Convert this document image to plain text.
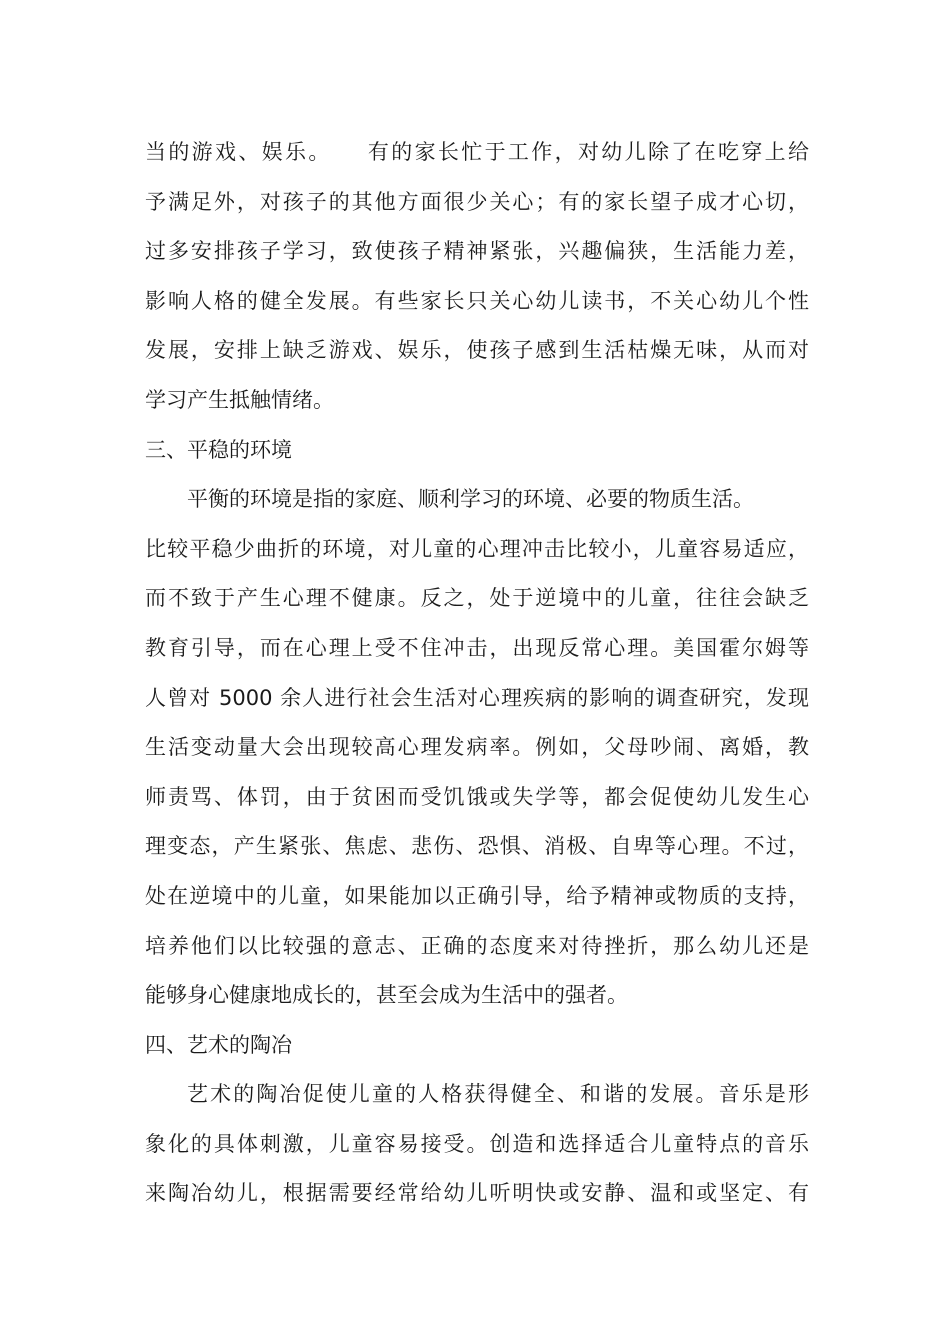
当的游戏、娱乐。　　有的家长忙于工作，对幼儿除了在吃穿上给
予满足外，对孩子的其他方面很少关心；有的家长望子成才心切，
过多安排孩子学习，致使孩子精神紧张，兴趣偏狭，生活能力差，
影响人格的健全发展。有些家长只关心幼儿读书，不关心幼儿个性
发展，安排上缺乏游戏、娱乐，使孩子感到生活枯燥无味，从而对
学习产生抵触情绪。
三、平稳的环境
平衡的环境是指的家庭、顺利学习的环境、必要的物质生活。
比较平稳少曲折的环境，对儿童的心理冲击比较小，儿童容易适应，
而不致于产生心理不健康。反之，处于逆境中的儿童，往往会缺乏
教育引导，而在心理上受不住冲击，出现反常心理。美国霍尔姆等
人曾对 5000 余人进行社会生活对心理疾病的影响的调查研究，发现
生活变动量大会出现较高心理发病率。例如，父母吵闹、离婚，教
师责骂、体罚，由于贫困而受饥饿或失学等，都会促使幼儿发生心
理变态，产生紧张、焦虑、悲伤、恐惧、消极、自卑等心理。不过，
处在逆境中的儿童，如果能加以正确引导，给予精神或物质的支持，
培养他们以比较强的意志、正确的态度来对待挫折，那么幼儿还是
能够身心健康地成长的，甚至会成为生活中的强者。
四、艺术的陶冶
艺术的陶冶促使儿童的人格获得健全、和谐的发展。音乐是形
象化的具体刺激，儿童容易接受。创造和选择适合儿童特点的音乐
来陶冶幼儿，根据需要经常给幼儿听明快或安静、温和或坚定、有
